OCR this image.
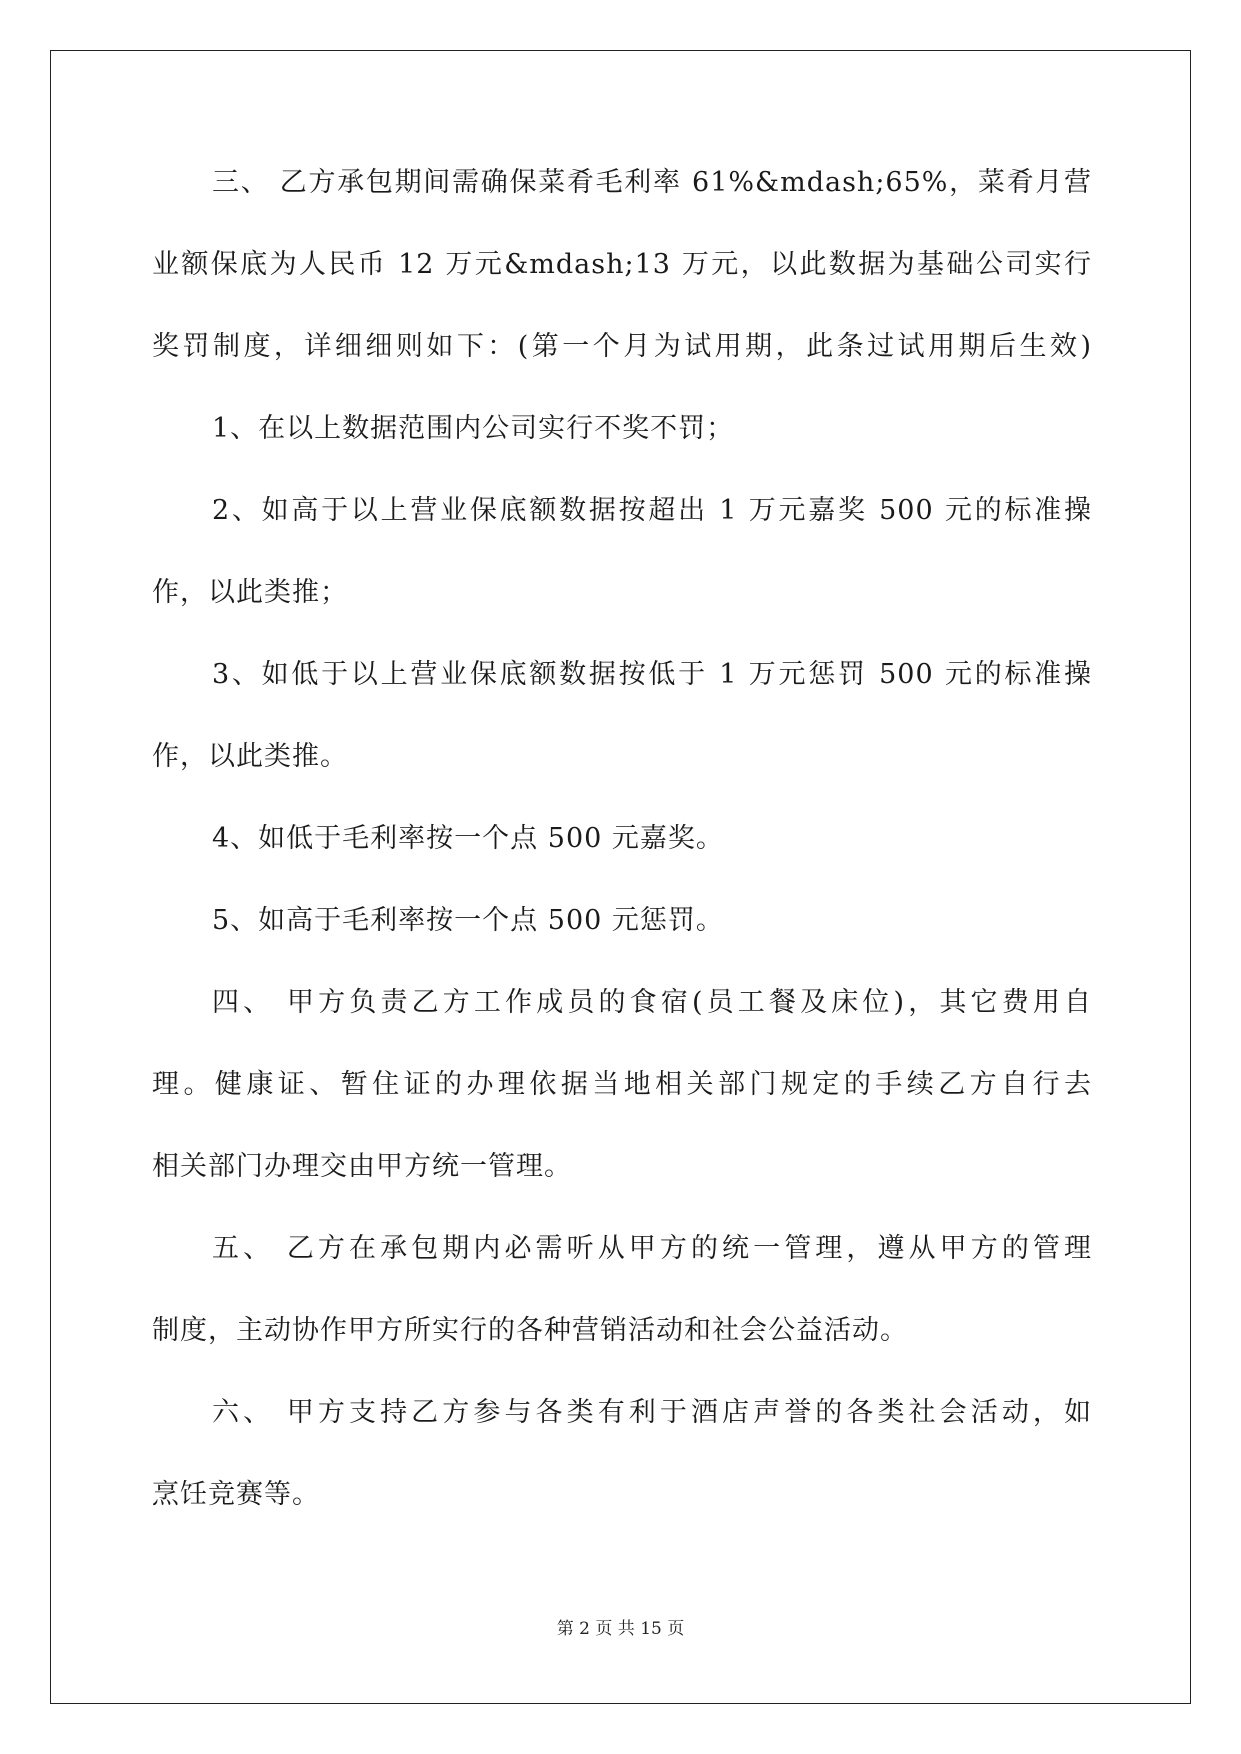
三、 乙方承包期间需确保菜肴毛利率 61%&mdash;65%，菜肴月营
业额保底为人民币 12 万元&mdash;13 万元，以此数据为基础公司实行
奖罚制度，详细细则如下：(第一个月为试用期，此条过试用期后生效)
1、在以上数据范围内公司实行不奖不罚；
2、如高于以上营业保底额数据按超出 1 万元嘉奖 500 元的标准操
作，以此类推；
3、如低于以上营业保底额数据按低于 1 万元惩罚 500 元的标准操
作，以此类推。
4、如低于毛利率按一个点 500 元嘉奖。
5、如高于毛利率按一个点 500 元惩罚。
四、 甲方负责乙方工作成员的食宿(员工餐及床位)，其它费用自
理。健康证、暂住证的办理依据当地相关部门规定的手续乙方自行去
相关部门办理交由甲方统一管理。
五、 乙方在承包期内必需听从甲方的统一管理，遵从甲方的管理
制度，主动协作甲方所实行的各种营销活动和社会公益活动。
六、 甲方支持乙方参与各类有利于酒店声誉的各类社会活动，如
烹饪竞赛等。
第 2 页 共 15 页
